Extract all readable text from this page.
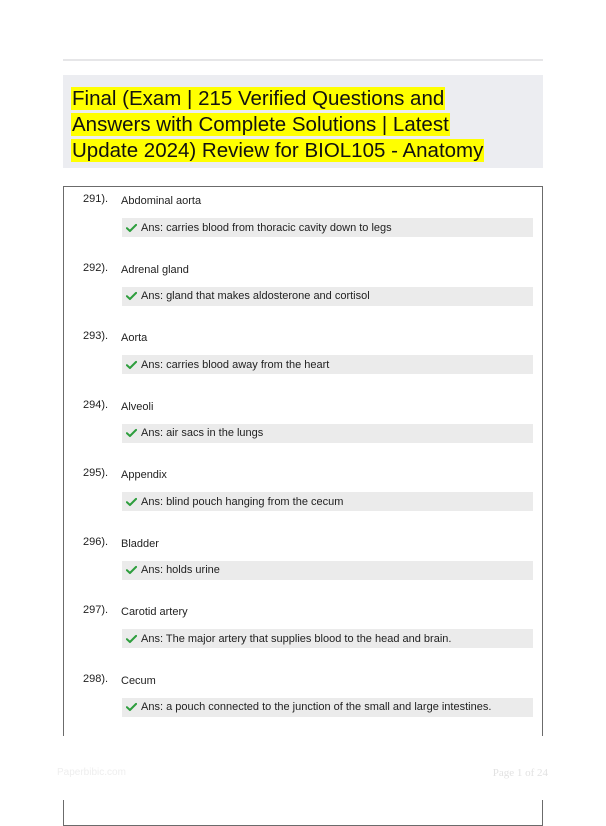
Final (Exam | 215 Verified Questions and
Answers with Complete Solutions | Latest
Update 2024) Review for BIOL105 - Anatomy
291). Abdominal aorta
Ans: carries blood from thoracic cavity down to legs
292). Adrenal gland
Ans: gland that makes aldosterone and cortisol
293). Aorta
Ans: carries blood away from the heart
294). Alveoli
Ans: air sacs in the lungs
295). Appendix
Ans: blind pouch hanging from the cecum
296). Bladder
Ans: holds urine
297). Carotid artery
Ans: The major artery that supplies blood to the head and brain.
298). Cecum
Ans: a pouch connected to the junction of the small and large intestines.
Paperbibic.com	Page 1 of 24
